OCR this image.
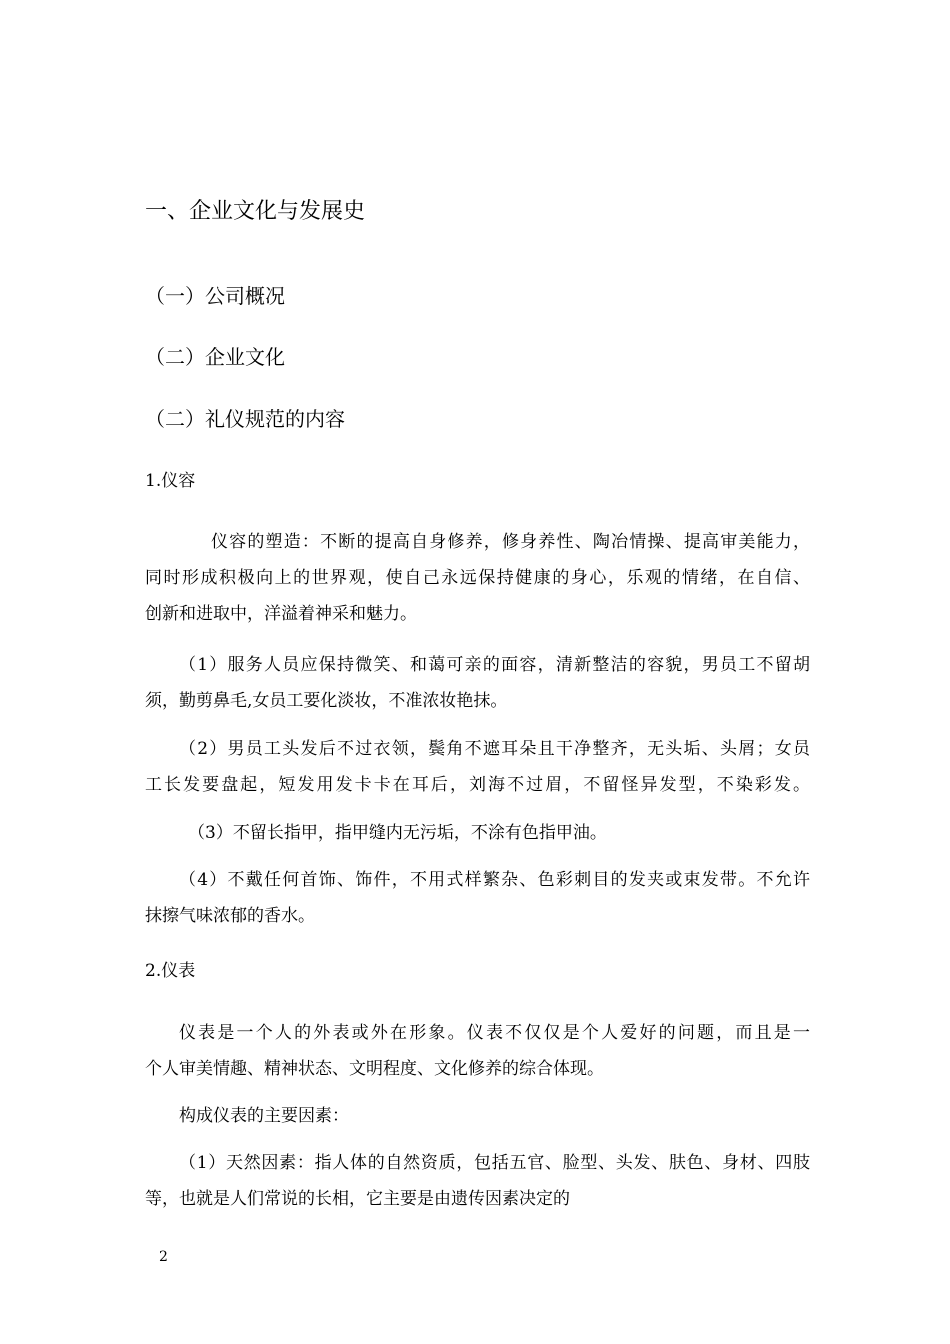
一、企业文化与发展史
（一）公司概况
（二）企业文化
（二）礼仪规范的内容
1.仪容
仪容的塑造：不断的提高自身修养，修身养性、陶冶情操、提高审美能力，
同时形成积极向上的世界观，使自己永远保持健康的身心，乐观的情绪，在自信、
创新和进取中，洋溢着神采和魅力。
（1）服务人员应保持微笑、和蔼可亲的面容，清新整洁的容貌，男员工不留胡
须，勤剪鼻毛,女员工要化淡妆，不准浓妆艳抹。
（2）男员工头发后不过衣领，鬓角不遮耳朵且干净整齐，无头垢、头屑；女员
工长发要盘起，短发用发卡卡在耳后，刘海不过眉，不留怪异发型，不染彩发。
（3）不留长指甲，指甲缝内无污垢，不涂有色指甲油。
（4）不戴任何首饰、饰件，不用式样繁杂、色彩刺目的发夹或束发带。不允许
抹擦气味浓郁的香水。
2.仪表
仪表是一个人的外表或外在形象。仪表不仅仅是个人爱好的问题，而且是一
个人审美情趣、精神状态、文明程度、文化修养的综合体现。
构成仪表的主要因素：
（1）天然因素：指人体的自然资质，包括五官、脸型、头发、肤色、身材、四肢
等，也就是人们常说的长相，它主要是由遗传因素决定的
2
